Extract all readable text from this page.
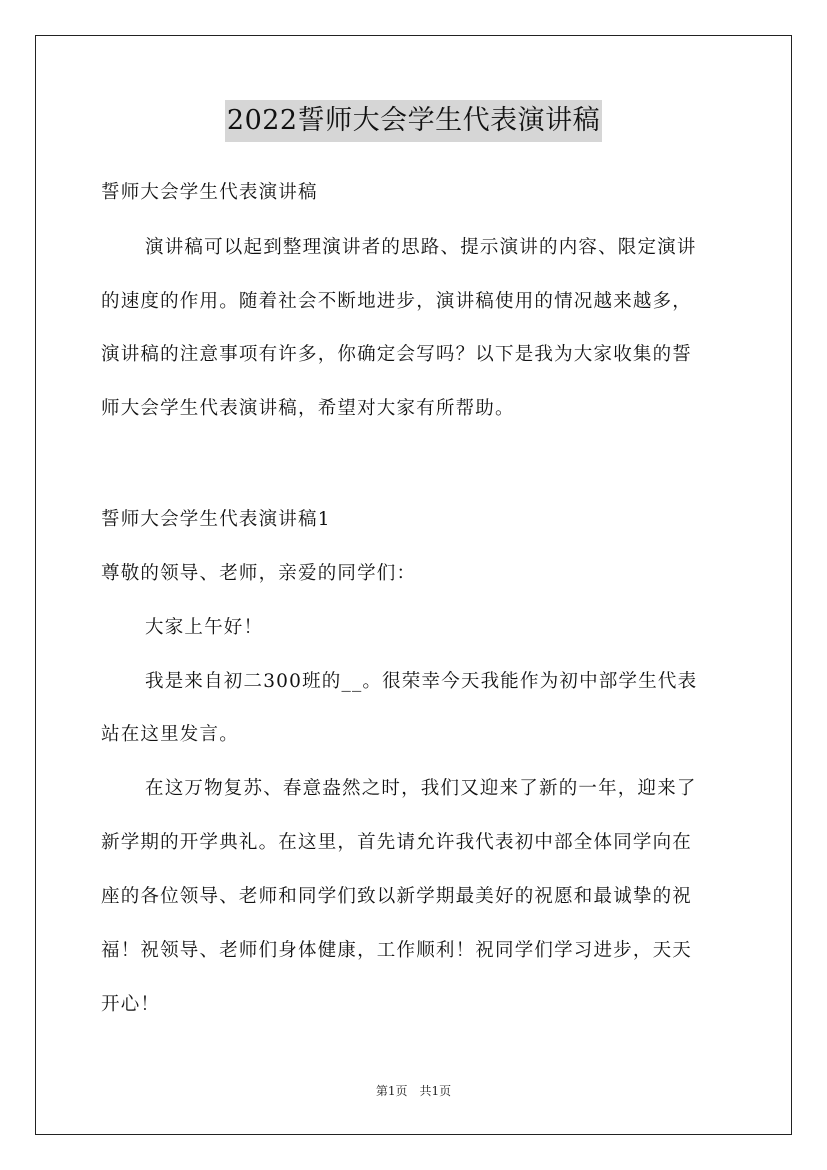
2022誓师大会学生代表演讲稿
誓师大会学生代表演讲稿
演讲稿可以起到整理演讲者的思路、提示演讲的内容、限定演讲
的速度的作用。随着社会不断地进步，演讲稿使用的情况越来越多，
演讲稿的注意事项有许多，你确定会写吗？以下是我为大家收集的誓
师大会学生代表演讲稿，希望对大家有所帮助。
誓师大会学生代表演讲稿1
尊敬的领导、老师，亲爱的同学们：
大家上午好！
我是来自初二300班的__。很荣幸今天我能作为初中部学生代表
站在这里发言。
在这万物复苏、春意盎然之时，我们又迎来了新的一年，迎来了
新学期的开学典礼。在这里，首先请允许我代表初中部全体同学向在
座的各位领导、老师和同学们致以新学期最美好的祝愿和最诚挚的祝
福！祝领导、老师们身体健康，工作顺利！祝同学们学习进步，天天
开心！
第1页　共1页
